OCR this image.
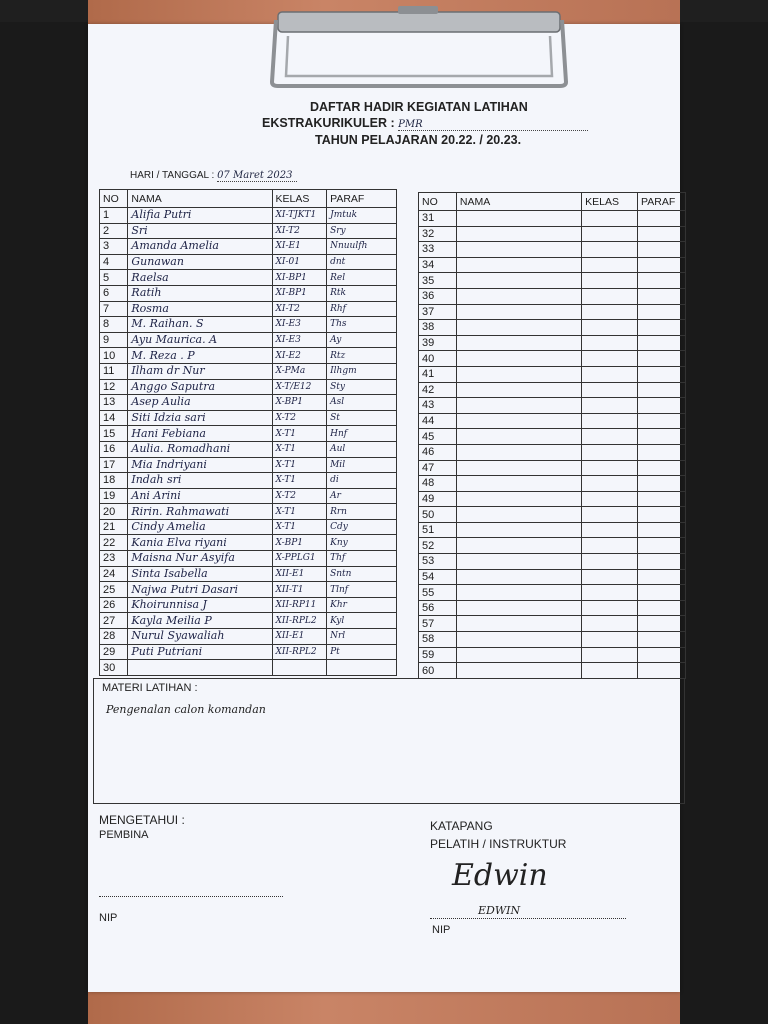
DAFTAR HADIR KEGIATAN LATIHAN
EKSTRAKURIKULER : PMR
TAHUN PELAJARAN 20.22. / 20.23.
HARI / TANGGAL : 07 Maret 2023
NO	NAMA	KELAS	PARAF
1	Alifia Putri	XI-TJKT1	Jmtuk
2	Sri	XI-T2	Sry
3	Amanda Amelia	XI-E1	Nnuulfh
4	Gunawan	XI-01	dnt
5	Raelsa	XI-BP1	Rel
6	Ratih	XI-BP1	Rtk
7	Rosma	XI-T2	Rhf
8	M. Raihan. S	XI-E3	Ths
9	Ayu Maurica. A	XI-E3	Ay
10	M. Reza . P	XI-E2	Rtz
11	Ilham dr Nur	X-PMa	Ilhgm
12	Anggo Saputra	X-T/E12	Sty
13	Asep Aulia	X-BP1	Asl
14	Siti Idzia sari	X-T2	St
15	Hani Febiana	X-T1	Hnf
16	Aulia. Romadhani	X-T1	Aul
17	Mia Indriyani	X-T1	Mil
18	Indah sri	X-T1	di
19	Ani Arini	X-T2	Ar
20	Ririn. Rahmawati	X-T1	Rrn
21	Cindy Amelia	X-T1	Cdy
22	Kania Elva riyani	X-BP1	Kny
23	Maisna Nur Asyifa	X-PPLG1	Thf
24	Sinta Isabella	XII-E1	Sntn
25	Najwa Putri Dasari	XII-T1	Tlnf
26	Khoirunnisa J	XII-RP11	Khr
27	Kayla Meilia P	XII-RPL2	Kyl
28	Nurul Syawaliah	XII-E1	Nrl
29	Puti Putriani	XII-RPL2	Pt
30			
NO	NAMA	KELAS	PARAF
31			
32			
33			
34			
35			
36			
37			
38			
39			
40			
41			
42			
43			
44			
45			
46			
47			
48			
49			
50			
51			
52			
53			
54			
55			
56			
57			
58			
59			
60			
MATERI LATIHAN :
Pengenalan calon komandan
MENGETAHUI :
PEMBINA
NIP
KATAPANG
PELATIH / INSTRUKTUR
Edwin
EDWIN
NIP
